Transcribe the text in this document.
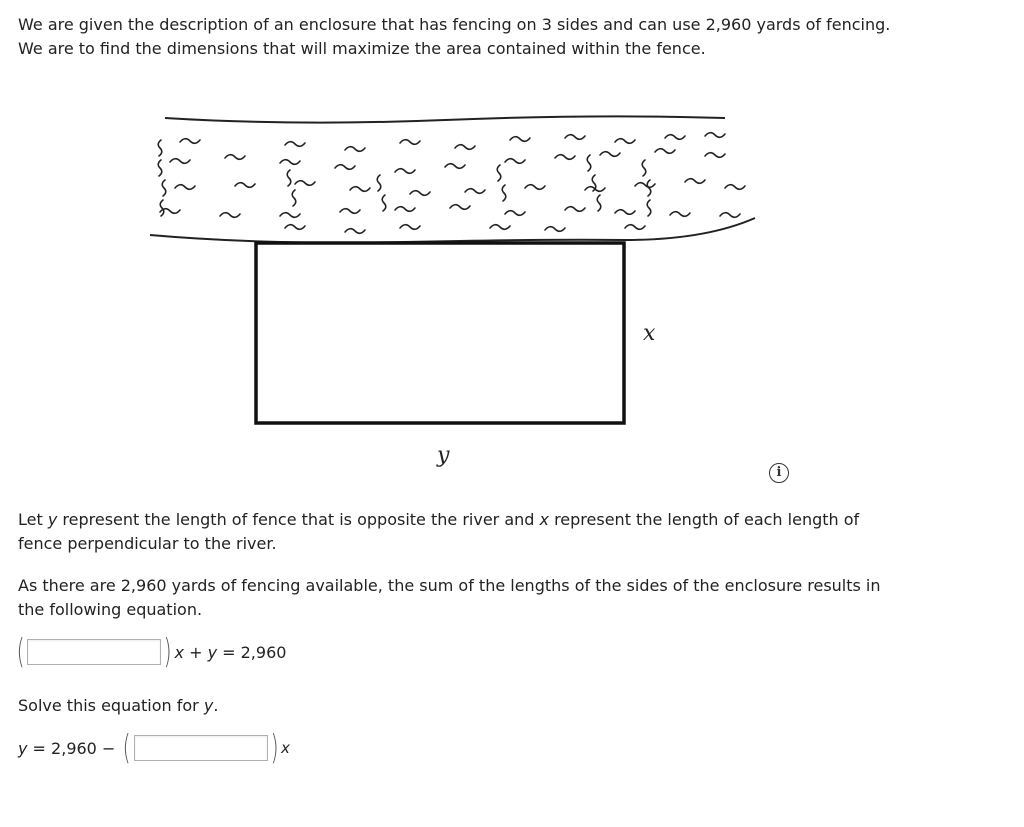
We are given the description of an enclosure that has fencing on 3 sides and can use 2,960 yards of fencing.
We are to find the dimensions that will maximize the area contained within the fence.
x
y
i
Let y represent the length of fence that is opposite the river and x represent the length of each length of
fence perpendicular to the river.
As there are 2,960 yards of fencing available, the sum of the lengths of the sides of the enclosure results in
the following equation.
(	) x + y = 2,960
Solve this equation for y.
y = 2,960 − (	) x
